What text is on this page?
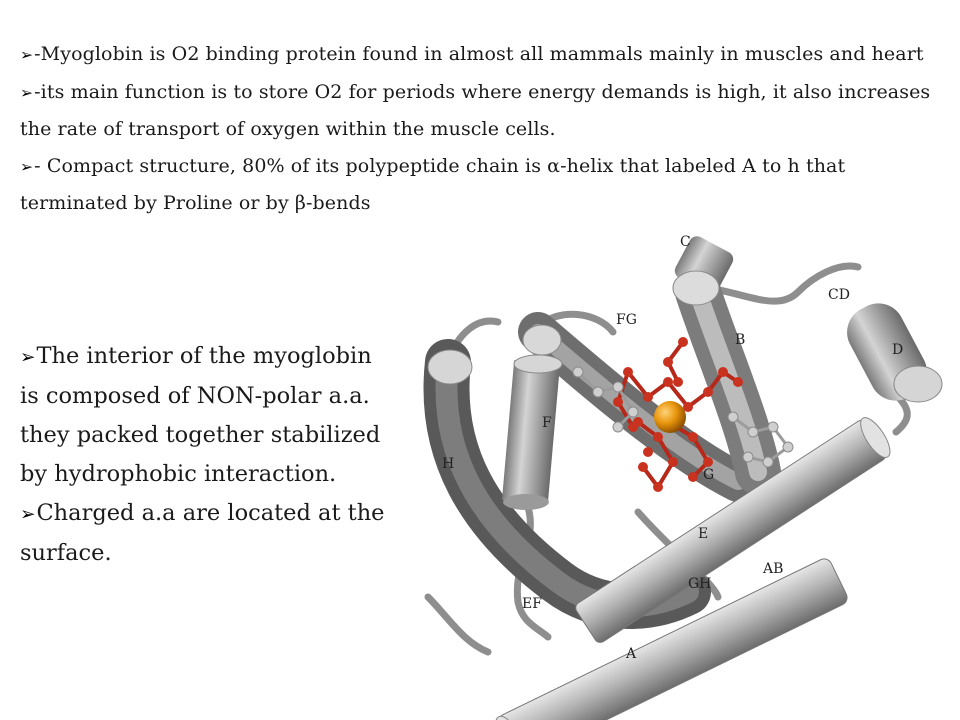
➢-Myoglobin is O2 binding protein found in almost all mammals mainly in muscles and heart

➢-its main function is to store O2 for periods where energy demands is high, it also increases the rate of transport of oxygen within the muscle cells.

➢- Compact structure, 80% of its polypeptide chain is α-helix that labeled A to h that terminated by Proline or by β-bends

➢The interior of the myoglobin is composed of NON-polar a.a. they packed together stabilized by hydrophobic interaction.

➢Charged a.a are located at the surface.

C
CD
FG
B
D
F
H
G
E
AB
GH
EF
A
